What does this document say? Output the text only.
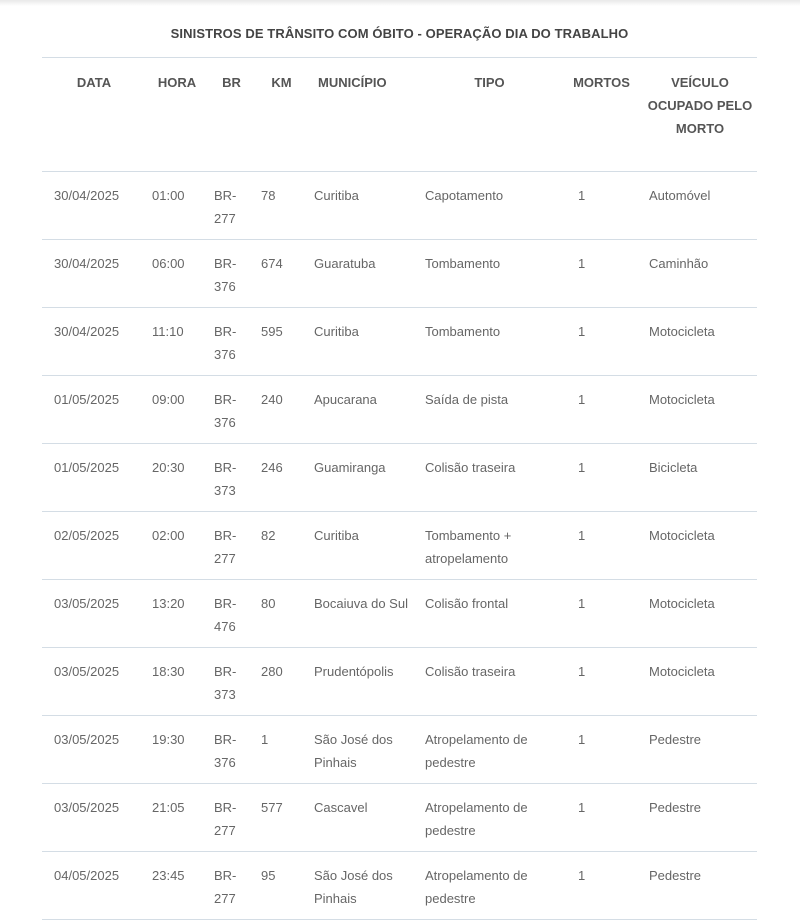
SINISTROS DE TRÂNSITO COM ÓBITO - OPERAÇÃO DIA DO TRABALHO
DATA	HORA	BR	KM	MUNICÍPIO	TIPO	MORTOS	VEÍCULO OCUPADO PELO MORTO
30/04/2025	01:00	BR-277	78	Curitiba	Capotamento	1	Automóvel
30/04/2025	06:00	BR-376	674	Guaratuba	Tombamento	1	Caminhão
30/04/2025	11:10	BR-376	595	Curitiba	Tombamento	1	Motocicleta
01/05/2025	09:00	BR-376	240	Apucarana	Saída de pista	1	Motocicleta
01/05/2025	20:30	BR-373	246	Guamiranga	Colisão traseira	1	Bicicleta
02/05/2025	02:00	BR-277	82	Curitiba	Tombamento + atropelamento	1	Motocicleta
03/05/2025	13:20	BR-476	80	Bocaiuva do Sul	Colisão frontal	1	Motocicleta
03/05/2025	18:30	BR-373	280	Prudentópolis	Colisão traseira	1	Motocicleta
03/05/2025	19:30	BR-376	1	São José dos Pinhais	Atropelamento de pedestre	1	Pedestre
03/05/2025	21:05	BR-277	577	Cascavel	Atropelamento de pedestre	1	Pedestre
04/05/2025	23:45	BR-277	95	São José dos Pinhais	Atropelamento de pedestre	1	Pedestre
